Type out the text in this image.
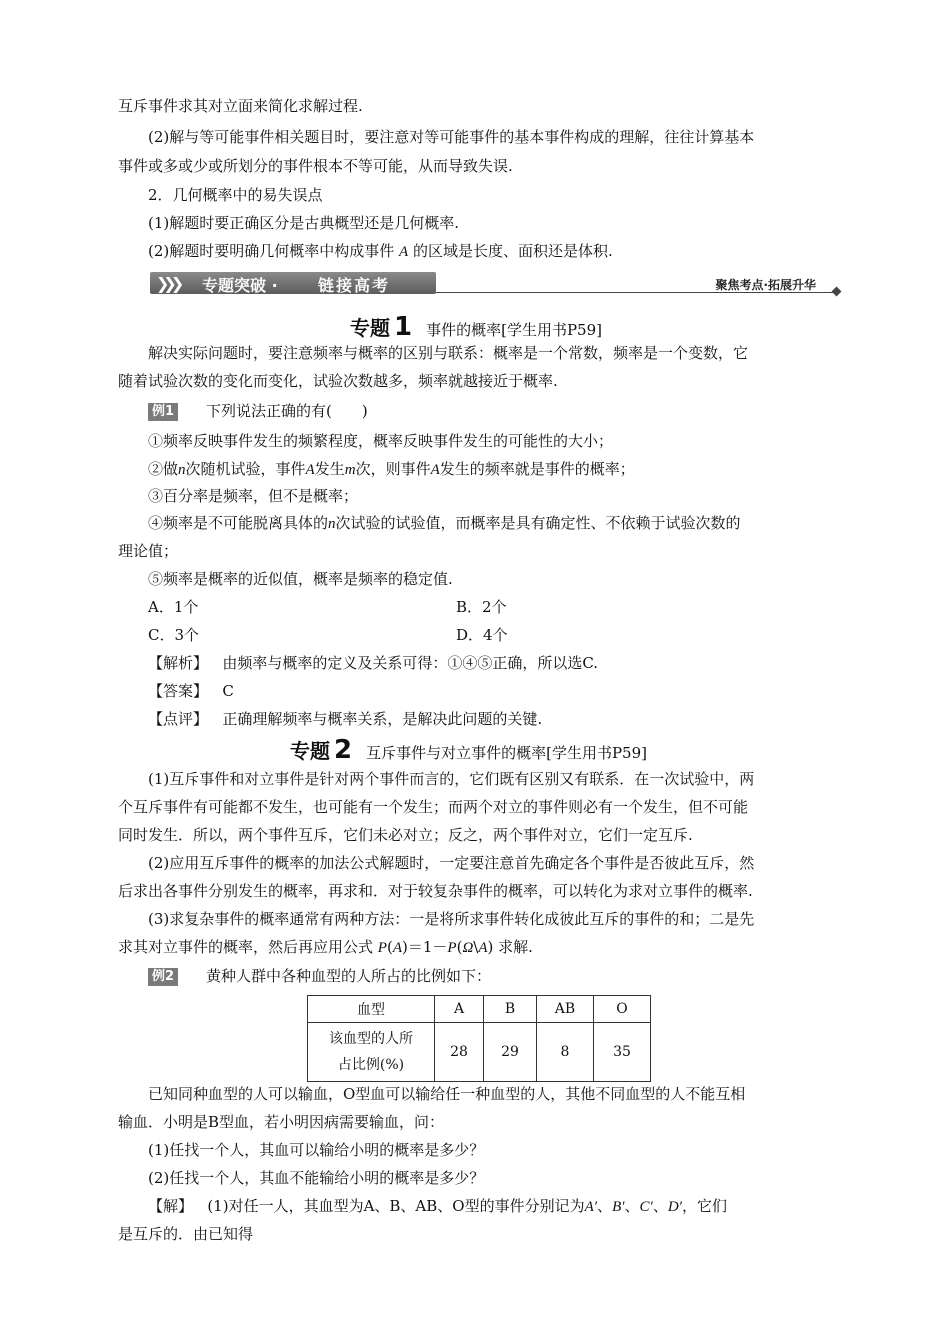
互斥事件求其对立面来简化求解过程.

(2)解与等可能事件相关题目时，要注意对等可能事件的基本事件构成的理解，往往计算基本

事件或多或少或所划分的事件根本不等可能，从而导致失误.

2．几何概率中的易失误点

(1)解题时要正确区分是古典概型还是几何概率.

(2)解题时要明确几何概率中构成事件 A 的区域是长度、面积还是体积.

❯❯❯ 专题突破 ·	链接高考	聚焦考点·拓展升华
专题 1 事件的概率[学生用书P59]

解决实际问题时，要注意频率与概率的区别与联系：概率是一个常数，频率是一个变数，它

随着试验次数的变化而变化，试验次数越多，频率就越接近于概率.

例1 下列说法正确的有(　　)

①频率反映事件发生的频繁程度，概率反映事件发生的可能性的大小；

②做n次随机试验，事件A发生m次，则事件A发生的频率就是事件的概率；

③百分率是频率，但不是概率；

④频率是不可能脱离具体的n次试验的试验值，而概率是具有确定性、不依赖于试验次数的

理论值；

⑤频率是概率的近似值，概率是频率的稳定值.

A．1个	B．2个

C．3个	D．4个

【解析】 由频率与概率的定义及关系可得：①④⑤正确，所以选C.

【答案】 C

【点评】 正确理解频率与概率关系，是解决此问题的关键.

专题 2 互斥事件与对立事件的概率[学生用书P59]

(1)互斥事件和对立事件是针对两个事件而言的，它们既有区别又有联系．在一次试验中，两

个互斥事件有可能都不发生，也可能有一个发生；而两个对立的事件则必有一个发生，但不可能

同时发生．所以，两个事件互斥，它们未必对立；反之，两个事件对立，它们一定互斥.

(2)应用互斥事件的概率的加法公式解题时，一定要注意首先确定各个事件是否彼此互斥，然

后求出各事件分别发生的概率，再求和．对于较复杂事件的概率，可以转化为求对立事件的概率.

(3)求复杂事件的概率通常有两种方法：一是将所求事件转化成彼此互斥的事件的和；二是先

求其对立事件的概率，然后再应用公式 P(A)＝1－P(Ω\A) 求解.

例2 黄种人群中各种血型的人所占的比例如下：

血型	A	B	AB	O

该血型的人所
占比例(%)	28	29	8	35

已知同种血型的人可以输血，O型血可以输给任一种血型的人，其他不同血型的人不能互相

输血．小明是B型血，若小明因病需要输血，问：

(1)任找一个人，其血可以输给小明的概率是多少？

(2)任找一个人，其血不能输给小明的概率是多少？

【解】 (1)对任一人，其血型为A、B、AB、O型的事件分别记为A′、B′、C′、D′，它们

是互斥的．由已知得
